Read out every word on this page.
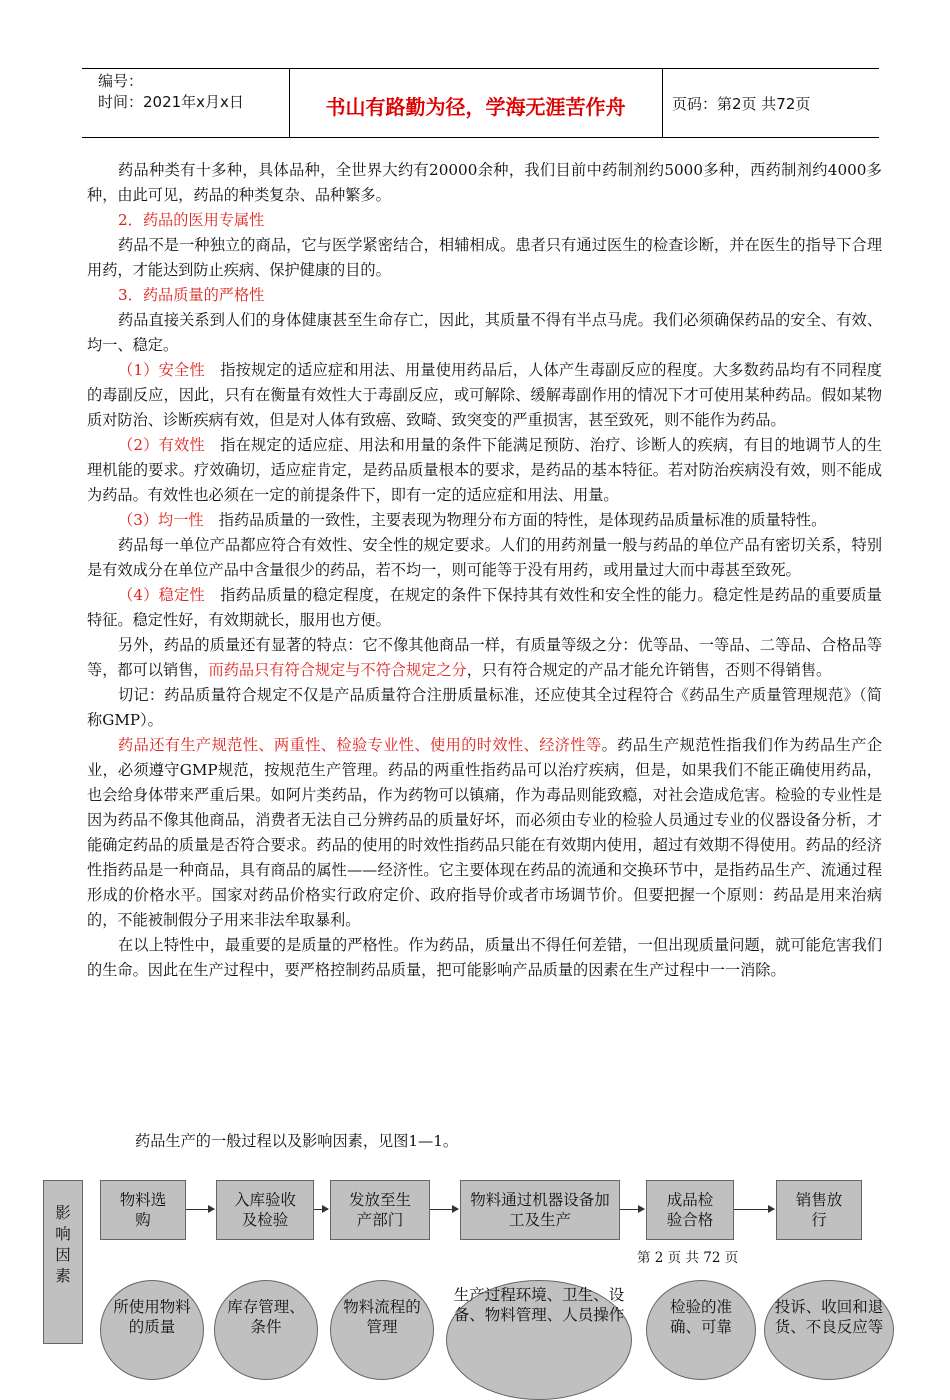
编号：
时间：2021年x月x日	书山有路勤为径，学海无涯苦作舟	页码：第2页 共72页

药品种类有十多种，具体品种，全世界大约有20000余种，我们目前中药制剂约5000多种，西药制剂约4000多种，由此可见，药品的种类复杂、品种繁多。

2．药品的医用专属性

药品不是一种独立的商品，它与医学紧密结合，相辅相成。患者只有通过医生的检查诊断，并在医生的指导下合理用药，才能达到防止疾病、保护健康的目的。

3．药品质量的严格性

药品直接关系到人们的身体健康甚至生命存亡，因此，其质量不得有半点马虎。我们必须确保药品的安全、有效、均一、稳定。

（1）安全性　指按规定的适应症和用法、用量使用药品后，人体产生毒副反应的程度。大多数药品均有不同程度的毒副反应，因此，只有在衡量有效性大于毒副反应，或可解除、缓解毒副作用的情况下才可使用某种药品。假如某物质对防治、诊断疾病有效，但是对人体有致癌、致畸、致突变的严重损害，甚至致死，则不能作为药品。

（2）有效性　指在规定的适应症、用法和用量的条件下能满足预防、治疗、诊断人的疾病，有目的地调节人的生理机能的要求。疗效确切，适应症肯定，是药品质量根本的要求，是药品的基本特征。若对防治疾病没有效，则不能成为药品。有效性也必须在一定的前提条件下，即有一定的适应症和用法、用量。

（3）均一性　指药品质量的一致性，主要表现为物理分布方面的特性，是体现药品质量标准的质量特性。

药品每一单位产品都应符合有效性、安全性的规定要求。人们的用药剂量一般与药品的单位产品有密切关系，特别是有效成分在单位产品中含量很少的药品，若不均一，则可能等于没有用药，或用量过大而中毒甚至致死。

（4）稳定性　指药品质量的稳定程度，在规定的条件下保持其有效性和安全性的能力。稳定性是药品的重要质量特征。稳定性好，有效期就长，服用也方便。

另外，药品的质量还有显著的特点：它不像其他商品一样，有质量等级之分：优等品、一等品、二等品、合格品等等，都可以销售，而药品只有符合规定与不符合规定之分，只有符合规定的产品才能允许销售，否则不得销售。

切记：药品质量符合规定不仅是产品质量符合注册质量标准，还应使其全过程符合《药品生产质量管理规范》（简称GMP）。

药品还有生产规范性、两重性、检验专业性、使用的时效性、经济性等。药品生产规范性指我们作为药品生产企业，必须遵守GMP规范，按规范生产管理。药品的两重性指药品可以治疗疾病，但是，如果我们不能正确使用药品，也会给身体带来严重后果。如阿片类药品，作为药物可以镇痛，作为毒品则能致瘾，对社会造成危害。检验的专业性是因为药品不像其他商品，消费者无法自己分辨药品的质量好坏，而必须由专业的检验人员通过专业的仪器设备分析，才能确定药品的质量是否符合要求。药品的使用的时效性指药品只能在有效期内使用，超过有效期不得使用。药品的经济性指药品是一种商品，具有商品的属性——经济性。它主要体现在药品的流通和交换环节中，是指药品生产、流通过程形成的价格水平。国家对药品价格实行政府定价、政府指导价或者市场调节价。但要把握一个原则：药品是用来治病的，不能被制假分子用来非法牟取暴利。

在以上特性中，最重要的是质量的严格性。作为药品，质量出不得任何差错，一但出现质量问题，就可能危害我们的生命。因此在生产过程中，要严格控制药品质量，把可能影响产品质量的因素在生产过程中一一消除。

药品生产的一般过程以及影响因素，见图1—1。
影响因素
物料选购
入库验收及检验
发放至生产部门
物料通过机器设备加工及生产
成品检验合格
销售放行
第 2 页 共 72 页
所使用物料的质量
库存管理、条件
物料流程的管理
生产过程环境、卫生、设备、物料管理、人员操作	检验的准确、可靠
投诉、收回和退货、不良反应等
